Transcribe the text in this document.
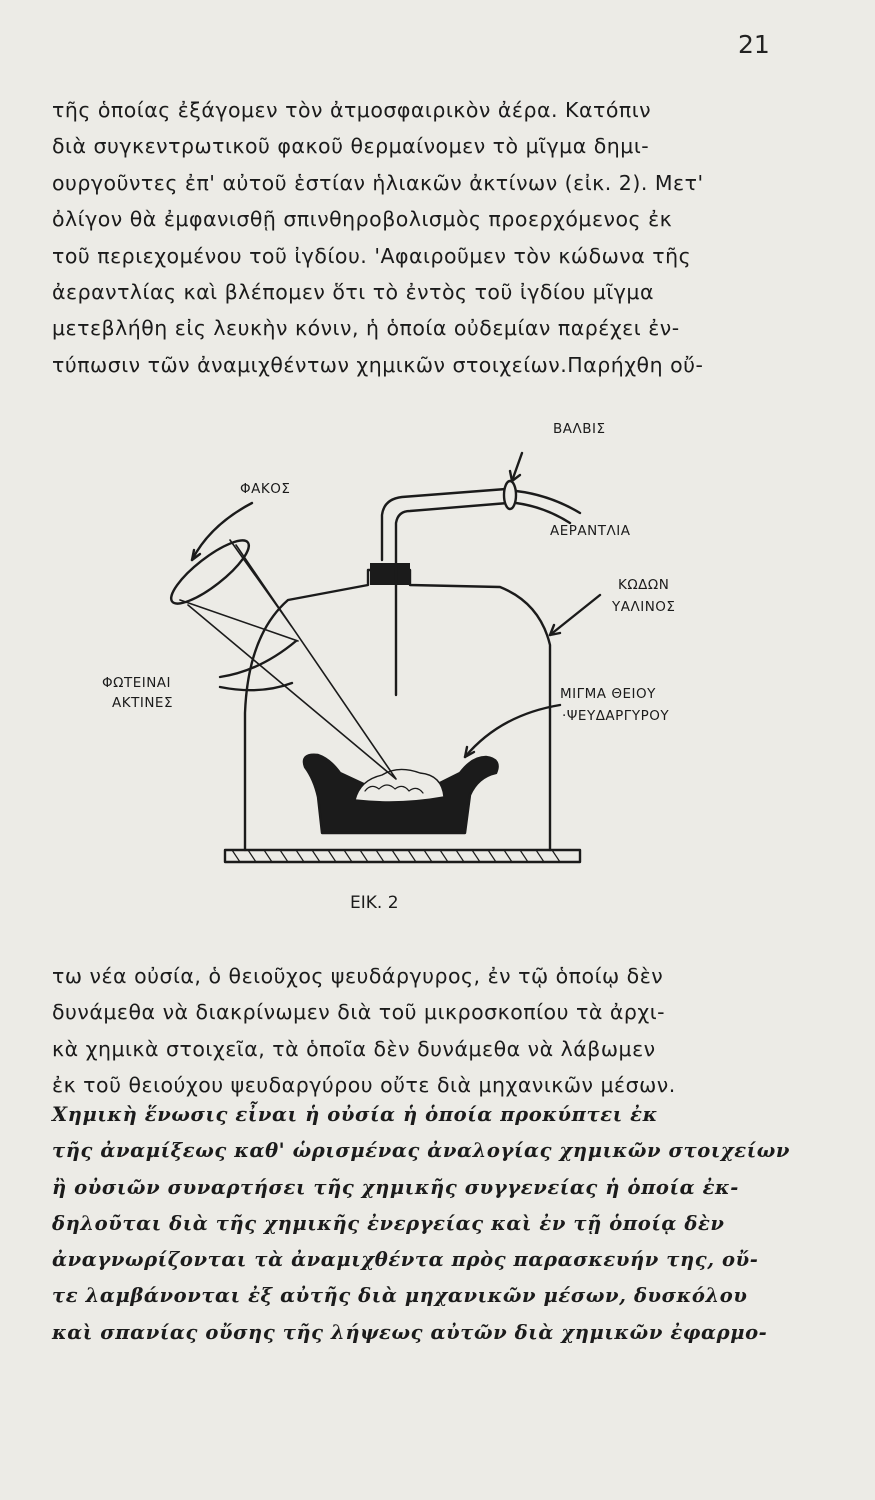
21
τῆς ὁποίας ἐξάγομεν τὸν ἀτμοσφαιρικὸν ἀέρα. Κατόπιν
διὰ συγκεντρωτικοῦ φακοῦ θερμαίνομεν τὸ μῖγμα δημι-
ουργοῦντες ἐπ' αὐτοῦ ἑστίαν ἡλιακῶν ἀκτίνων (εἰκ. 2). Μετ'
ὀλίγον θὰ ἐμφανισθῇ σπινθηροβολισμὸς προερχόμενος ἐκ
τοῦ περιεχομένου τοῦ ἰγδίου. 'Αφαιροῦμεν τὸν κώδωνα τῆς
ἀεραντλίας καὶ βλέπομεν ὅτι τὸ ἐντὸς τοῦ ἰγδίου μῖγμα
μετεβλήθη εἰς λευκὴν κόνιν, ἡ ὁποία οὐδεμίαν παρέχει ἐν-
τύπωσιν τῶν ἀναμιχθέντων χημικῶν στοιχείων.Παρήχθη οὔ-
ΒΑΛΒΙΣ
ΦΑΚΟΣ
ΑΕΡΑΝΤΛΙΑ
ΚΩΔΩΝ
ΥΑΛΙΝΟΣ
ΦΩΤΕΙΝΑΙ
ΑΚΤΙΝΕΣ
ΜΙΓΜΑ ΘΕΙΟΥ
·ΨΕΥΔΑΡΓΥΡΟΥ
ΕΙΚ. 2
τω νέα οὐσία, ὁ θειοῦχος ψευδάργυρος, ἐν τῷ ὁποίῳ δὲν
δυνάμεθα νὰ διακρίνωμεν διὰ τοῦ μικροσκοπίου τὰ ἀρχι-
κὰ χημικὰ στοιχεῖα, τὰ ὁποῖα δὲν δυνάμεθα νὰ λάβωμεν
ἐκ τοῦ θειούχου ψευδαργύρου οὔτε διὰ μηχανικῶν μέσων.
Χημικὴ ἕνωσις εἶναι ἡ οὐσία ἡ ὁποία προκύπτει ἐκ
τῆς ἀναμίξεως καθ' ὡρισμένας ἀναλογίας χημικῶν στοιχείων
ἢ οὐσιῶν συναρτήσει τῆς χημικῆς συγγενείας ἡ ὁποία ἐκ-
δηλοῦται διὰ τῆς χημικῆς ἐνεργείας καὶ ἐν τῇ ὁποίᾳ δὲν
ἀναγνωρίζονται τὰ ἀναμιχθέντα πρὸς παρασκευήν της, οὔ-
τε λαμβάνονται ἐξ αὐτῆς διὰ μηχανικῶν μέσων, δυσκόλου
καὶ σπανίας οὔσης τῆς λήψεως αὐτῶν διὰ χημικῶν ἐφαρμο-
